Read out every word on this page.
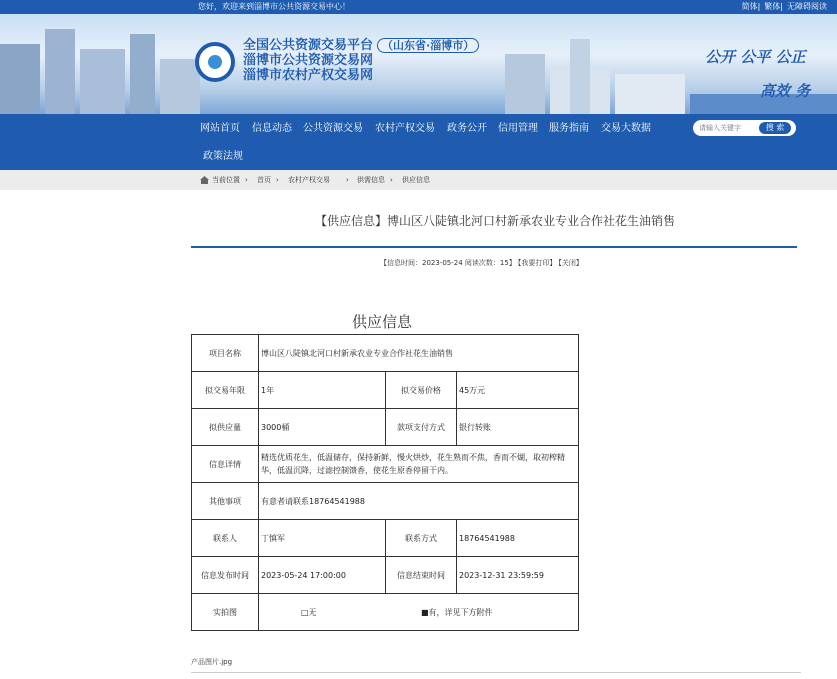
您好，欢迎来到淄博市公共资源交易中心！	简体| 繁体| 无障碍阅读
全国公共资源交易平台 （山东省·淄博市）
淄博市公共资源交易网
淄博市农村产权交易网
公开 公平 公正
高效 务
网站首页 信息动态 公共资源交易 农村产权交易 政务公开 信用管理 服务指南 交易大数据
政策法规
请输入关键字
搜 索
当前位置 › 首页 › 农村产权交易 › 供需信息 › 供应信息
【供应信息】博山区八陡镇北河口村新承农业专业合作社花生油销售
【信息时间：2023-05-24 阅读次数：15】 【我要打印】 【关闭】
供应信息
项目名称	博山区八陡镇北河口村新承农业专业合作社花生油销售		
拟交易年限	1年	拟交易价格	45万元
拟供应量	3000桶	款项支付方式	银行转账
信息详情	精选优质花生，低温储存，保持新鲜，慢火烘炒，花生熟而不焦，香而不煳，取初榨精华，低温沉降，过滤控制馈香，使花生原香停留干内。		
其他事项	有意者请联系18764541988		
联系人	丁慎军	联系方式	18764541988
信息发布时间	2023-05-24 17:00:00	信息结束时间	2023-12-31 23:59:59
实拍图	□无 ■有，详见下方附件		
产品图片.jpg
